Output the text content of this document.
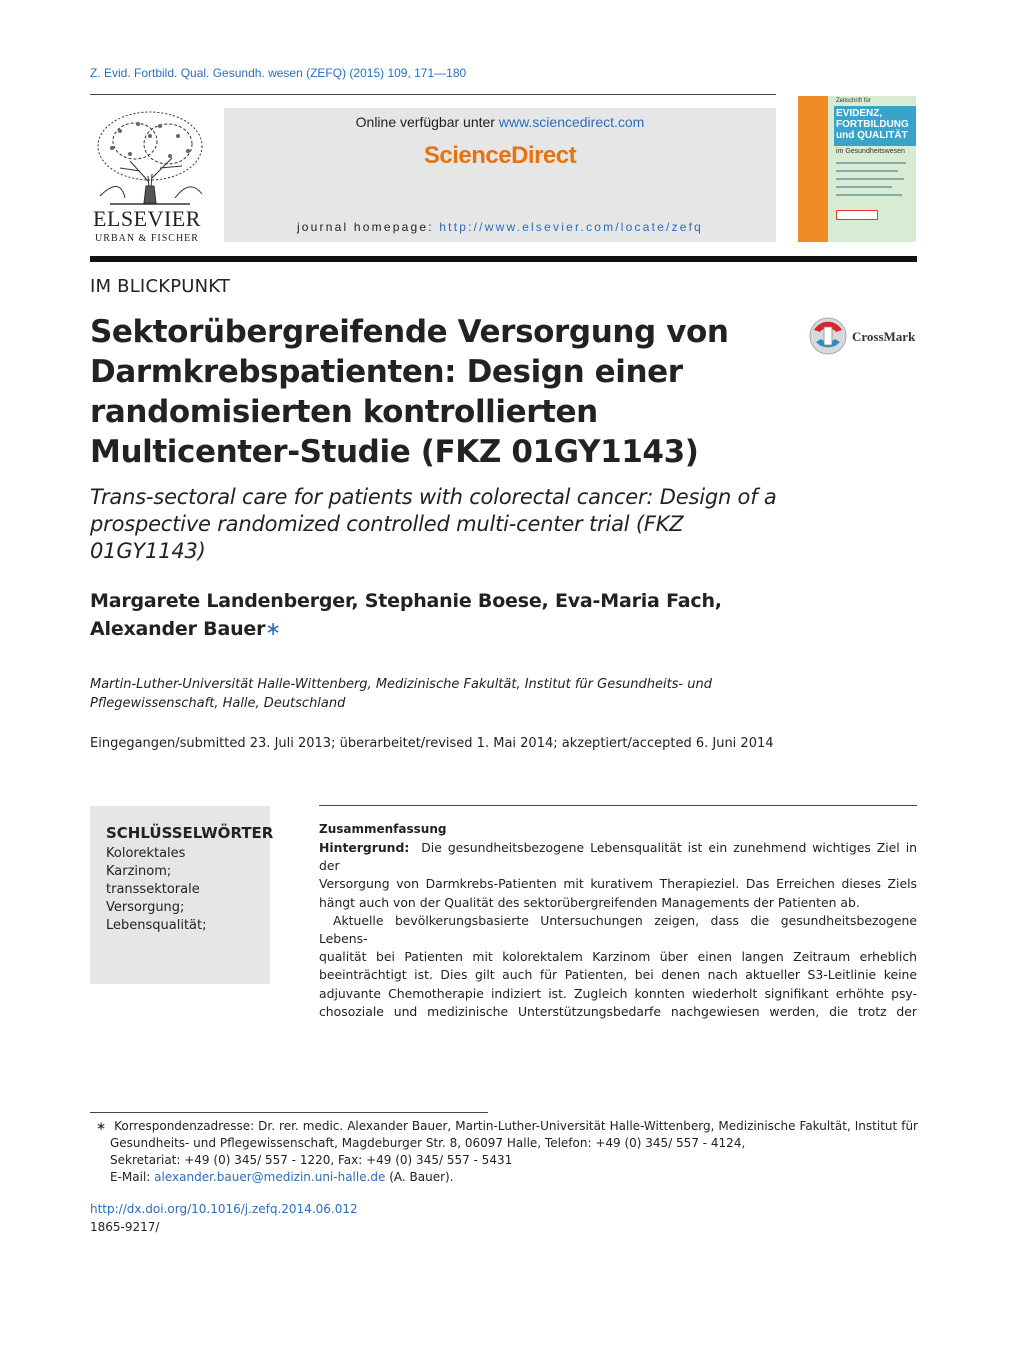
Z. Evid. Fortbild. Qual. Gesundh. wesen (ZEFQ) (2015) 109, 171—180
ELSEVIER
URBAN & FISCHER
Online verfügbar unter www.sciencedirect.com
ScienceDirect
journal homepage: http://www.elsevier.com/locate/zefq
Zeitschrift für
EVIDENZ,
FORTBILDUNG
und QUALITÄT
im Gesundheitswesen
IM BLICKPUNKT
Sektorübergreifende Versorgung von Darmkrebspatienten: Design einer randomisierten kontrollierten Multicenter-Studie (FKZ 01GY1143)
CrossMark
Trans-sectoral care for patients with colorectal cancer: Design of a prospective randomized controlled multi-center trial (FKZ 01GY1143)
Margarete Landenberger, Stephanie Boese, Eva-Maria Fach,
Alexander Bauer∗
Martin-Luther-Universität Halle-Wittenberg, Medizinische Fakultät, Institut für Gesundheits- und
Pflegewissenschaft, Halle, Deutschland
Eingegangen/submitted 23. Juli 2013; überarbeitet/revised 1. Mai 2014; akzeptiert/accepted 6. Juni 2014
SCHLÜSSELWÖRTER
Kolorektales
Karzinom;
transsektorale
Versorgung;
Lebensqualität;
Zusammenfassung

Hintergrund: Die gesundheitsbezogene Lebensqualität ist ein zunehmend wichtiges Ziel in der

Versorgung von Darmkrebs-Patienten mit kurativem Therapieziel. Das Erreichen dieses Ziels

hängt auch von der Qualität des sektorübergreifenden Managements der Patienten ab.

Aktuelle bevölkerungsbasierte Untersuchungen zeigen, dass die gesundheitsbezogene Lebens-

qualität bei Patienten mit kolorektalem Karzinom über einen langen Zeitraum erheblich

beeinträchtigt ist. Dies gilt auch für Patienten, bei denen nach aktueller S3-Leitlinie keine

adjuvante Chemotherapie indiziert ist. Zugleich konnten wiederholt signifikant erhöhte psy-

chosoziale und medizinische Unterstützungsbedarfe nachgewiesen werden, die trotz der

∗ Korrespondenzadresse: Dr. rer. medic. Alexander Bauer, Martin-Luther-Universität Halle-Wittenberg, Medizinische Fakultät, Institut für
Gesundheits- und Pflegewissenschaft, Magdeburger Str. 8, 06097 Halle, Telefon: +49 (0) 345/ 557 - 4124,
Sekretariat: +49 (0) 345/ 557 - 1220, Fax: +49 (0) 345/ 557 - 5431
E-Mail: alexander.bauer@medizin.uni-halle.de (A. Bauer).
http://dx.doi.org/10.1016/j.zefq.2014.06.012
1865-9217/
